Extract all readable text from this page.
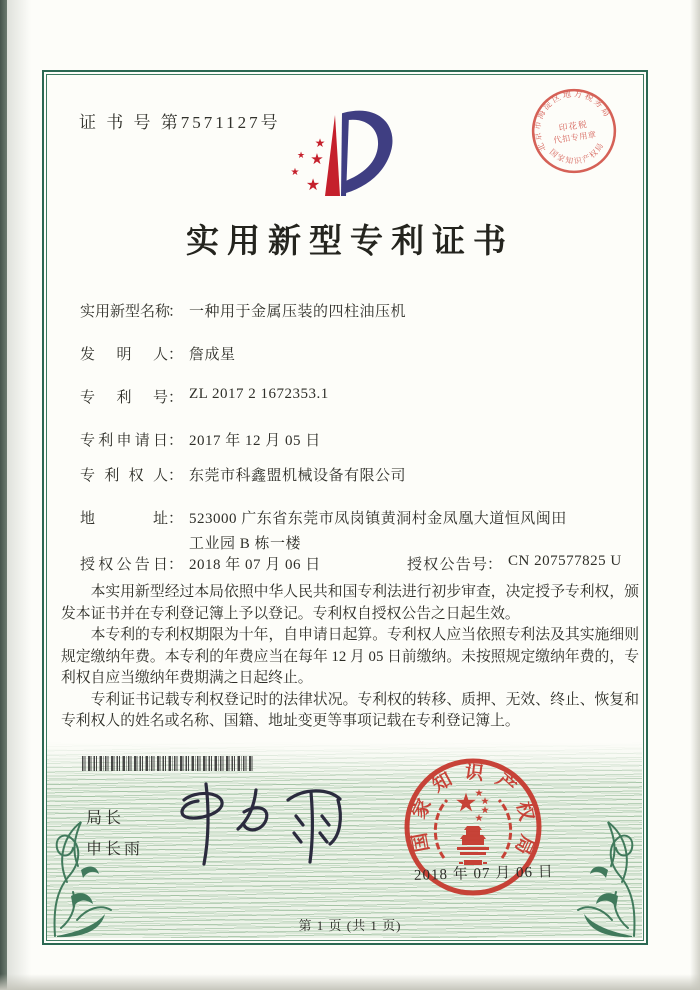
证 书 号 第7571127号
★
★ ★
★
★
北京市海淀区地方税务局
国家知识产权局
印花税
代扣专用章
实用新型专利证书
实用新型名称： 一种用于金属压装的四柱油压机
发明人： 詹成星
专利号： ZL 2017 2 1672353.1
专利申请日： 2017 年 12 月 05 日
专利权人： 东莞市科鑫盟机械设备有限公司
地址： 523000 广东省东莞市凤岗镇黄洞村金凤凰大道恒风闽田
工业园 B 栋一楼
授权公告日： 2018 年 07 月 06 日	授权公告号： CN 207577825 U

本实用新型经过本局依照中华人民共和国专利法进行初步审查，决定授予专利权，颁发本证书并在专利登记簿上予以登记。专利权自授权公告之日起生效。

本专利的专利权期限为十年，自申请日起算。专利权人应当依照专利法及其实施细则规定缴纳年费。本专利的年费应当在每年 12 月 05 日前缴纳。未按照规定缴纳年费的，专利权自应当缴纳年费期满之日起终止。

专利证书记载专利权登记时的法律状况。专利权的转移、质押、无效、终止、恢复和专利权人的姓名或名称、国籍、地址变更等事项记载在专利登记簿上。

局长
申长雨	国家知识产权局
2018 年 07 月 06 日
第 1 页 (共 1 页)
